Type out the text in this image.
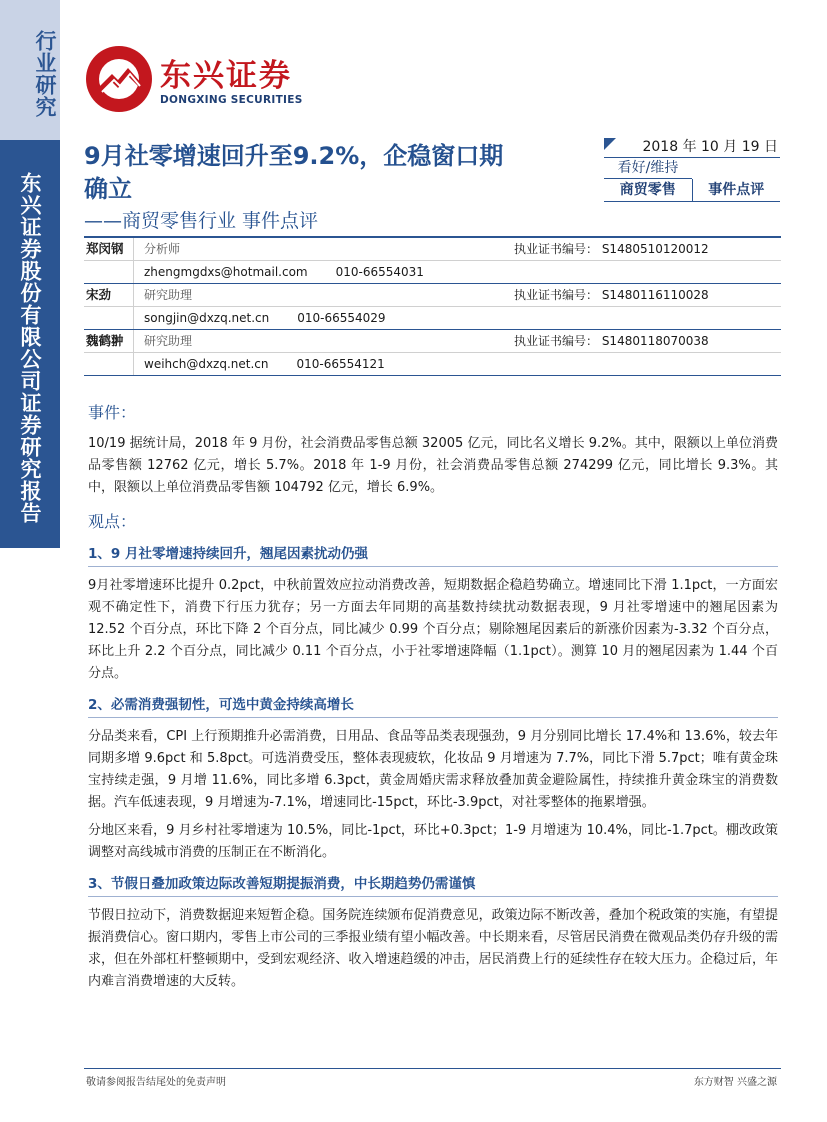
行业研究
东兴证券股份有限公司证券研究报告
东兴证券
DONGXING SECURITIES
9月社零增速回升至9.2%，企稳窗口期确立
——商贸零售行业 事件点评
2018 年 10 月 19 日
看好/维持
商贸零售	事件点评
郑闵钢	分析师	执业证书编号： S1480510120012
zhengmgdxs@hotmail.com 010-66554031
宋劲	研究助理	执业证书编号： S1480116110028
songjin@dxzq.net.cn 010-66554029
魏鹤翀	研究助理	执业证书编号： S1480118070038
weihch@dxzq.net.cn 010-66554121
事件：

10/19 据统计局，2018 年 9 月份，社会消费品零售总额 32005 亿元，同比名义增长 9.2%。其中，限额以上单位消费品零售额 12762 亿元，增长 5.7%。2018 年 1-9 月份，社会消费品零售总额 274299 亿元，同比增长 9.3%。其中，限额以上单位消费品零售额 104792 亿元，增长 6.9%。

观点：
1、9 月社零增速持续回升，翘尾因素扰动仍强

9月社零增速环比提升 0.2pct，中秋前置效应拉动消费改善，短期数据企稳趋势确立。增速同比下滑 1.1pct，一方面宏观不确定性下，消费下行压力犹存；另一方面去年同期的高基数持续扰动数据表现，9 月社零增速中的翘尾因素为 12.52 个百分点，环比下降 2 个百分点，同比减少 0.99 个百分点；剔除翘尾因素后的新涨价因素为-3.32 个百分点，环比上升 2.2 个百分点，同比减少 0.11 个百分点，小于社零增速降幅（1.1pct）。测算 10 月的翘尾因素为 1.44 个百分点。

2、必需消费强韧性，可选中黄金持续高增长

分品类来看，CPI 上行预期推升必需消费，日用品、食品等品类表现强劲，9 月分别同比增长 17.4%和 13.6%，较去年同期多增 9.6pct 和 5.8pct。可选消费受压，整体表现疲软，化妆品 9 月增速为 7.7%，同比下滑 5.7pct；唯有黄金珠宝持续走强，9 月增 11.6%，同比多增 6.3pct，黄金周婚庆需求释放叠加黄金避险属性，持续推升黄金珠宝的消费数据。汽车低速表现，9 月增速为-7.1%，增速同比-15pct，环比-3.9pct，对社零整体的拖累增强。

分地区来看，9 月乡村社零增速为 10.5%，同比-1pct，环比+0.3pct；1-9 月增速为 10.4%，同比-1.7pct。棚改政策调整对高线城市消费的压制正在不断消化。

3、节假日叠加政策边际改善短期提振消费，中长期趋势仍需谨慎

节假日拉动下，消费数据迎来短暂企稳。国务院连续颁布促消费意见，政策边际不断改善，叠加个税政策的实施，有望提振消费信心。窗口期内，零售上市公司的三季报业绩有望小幅改善。中长期来看，尽管居民消费在微观品类仍存升级的需求，但在外部杠杆整顿期中，受到宏观经济、收入增速趋缓的冲击，居民消费上行的延续性存在较大压力。企稳过后，年内难言消费增速的大反转。

敬请参阅报告结尾处的免责声明	东方财智 兴盛之源
